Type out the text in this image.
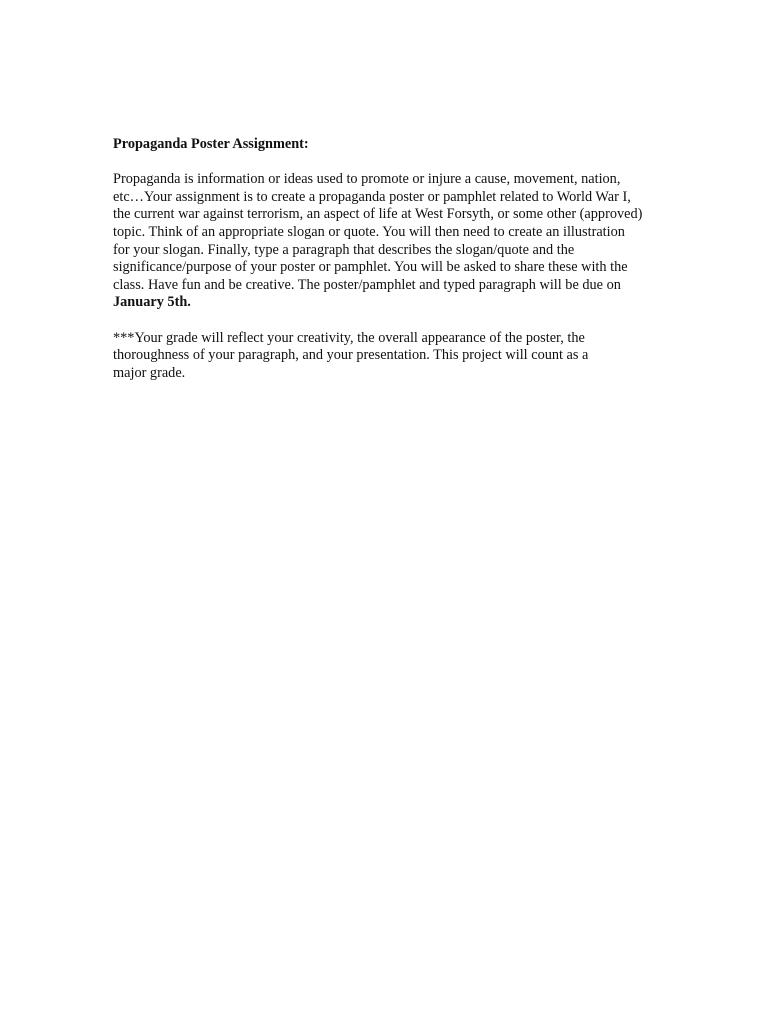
Propaganda Poster Assignment:

Propaganda is information or ideas used to promote or injure a cause, movement, nation,
etc…Your assignment is to create a propaganda poster or pamphlet related to World War I,
the current war against terrorism, an aspect of life at West Forsyth, or some other (approved)
topic. Think of an appropriate slogan or quote. You will then need to create an illustration
for your slogan. Finally, type a paragraph that describes the slogan/quote and the
significance/purpose of your poster or pamphlet. You will be asked to share these with the
class. Have fun and be creative. The poster/pamphlet and typed paragraph will be due on
January 5th.

***Your grade will reflect your creativity, the overall appearance of the poster, the
thoroughness of your paragraph, and your presentation. This project will count as a
major grade.
